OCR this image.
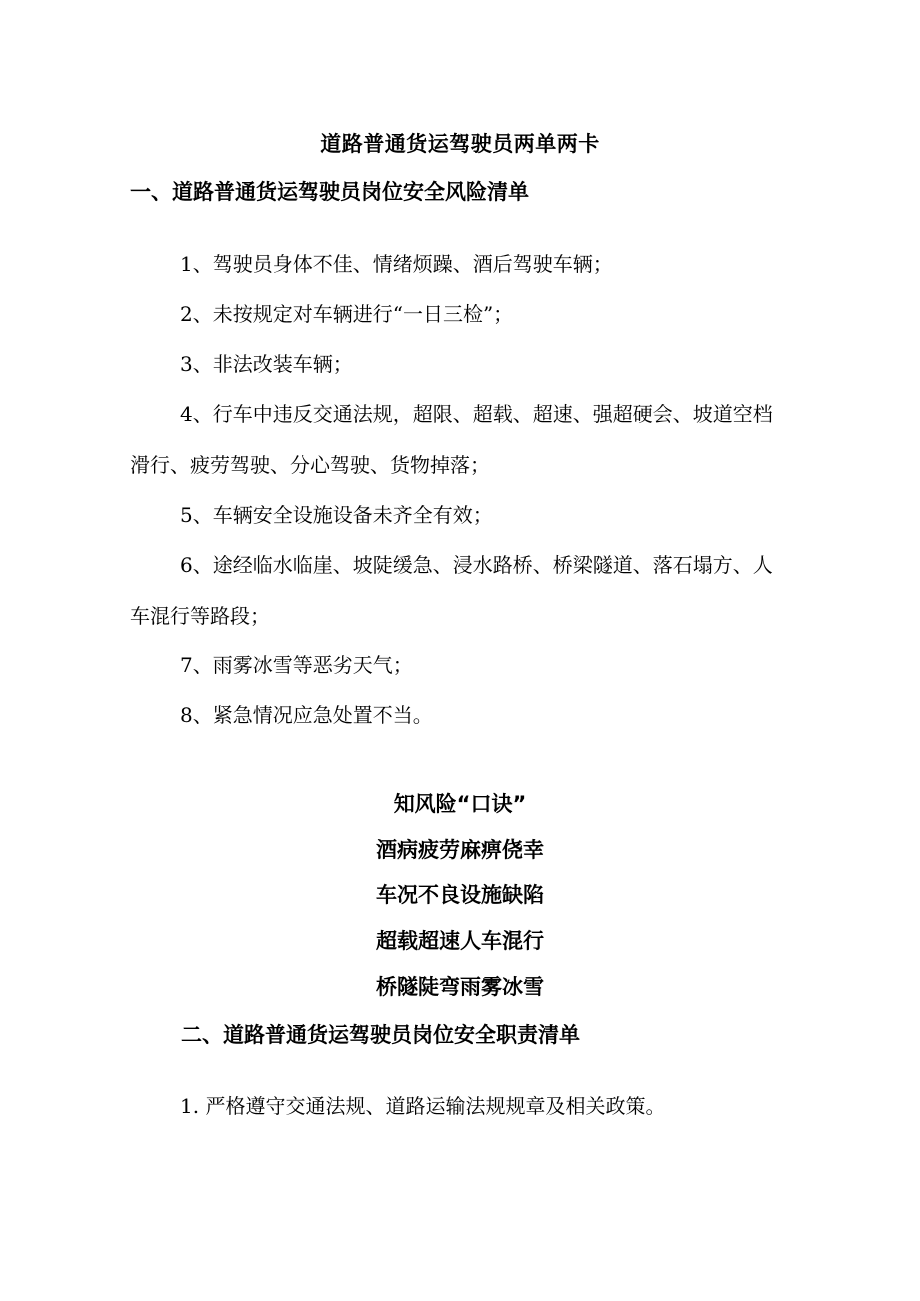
道路普通货运驾驶员两单两卡
一、道路普通货运驾驶员岗位安全风险清单
1、驾驶员身体不佳、情绪烦躁、酒后驾驶车辆；
2、未按规定对车辆进行“一日三检”；
3、非法改装车辆；
4、行车中违反交通法规，超限、超载、超速、强超硬会、坡道空档滑行、疲劳驾驶、分心驾驶、货物掉落；
5、车辆安全设施设备未齐全有效；
6、途经临水临崖、坡陡缓急、浸水路桥、桥梁隧道、落石塌方、人车混行等路段；
7、雨雾冰雪等恶劣天气；
8、紧急情况应急处置不当。
知风险“口诀”
酒病疲劳麻痹侥幸
车况不良设施缺陷
超载超速人车混行
桥隧陡弯雨雾冰雪
二、道路普通货运驾驶员岗位安全职责清单
1. 严格遵守交通法规、道路运输法规规章及相关政策。
